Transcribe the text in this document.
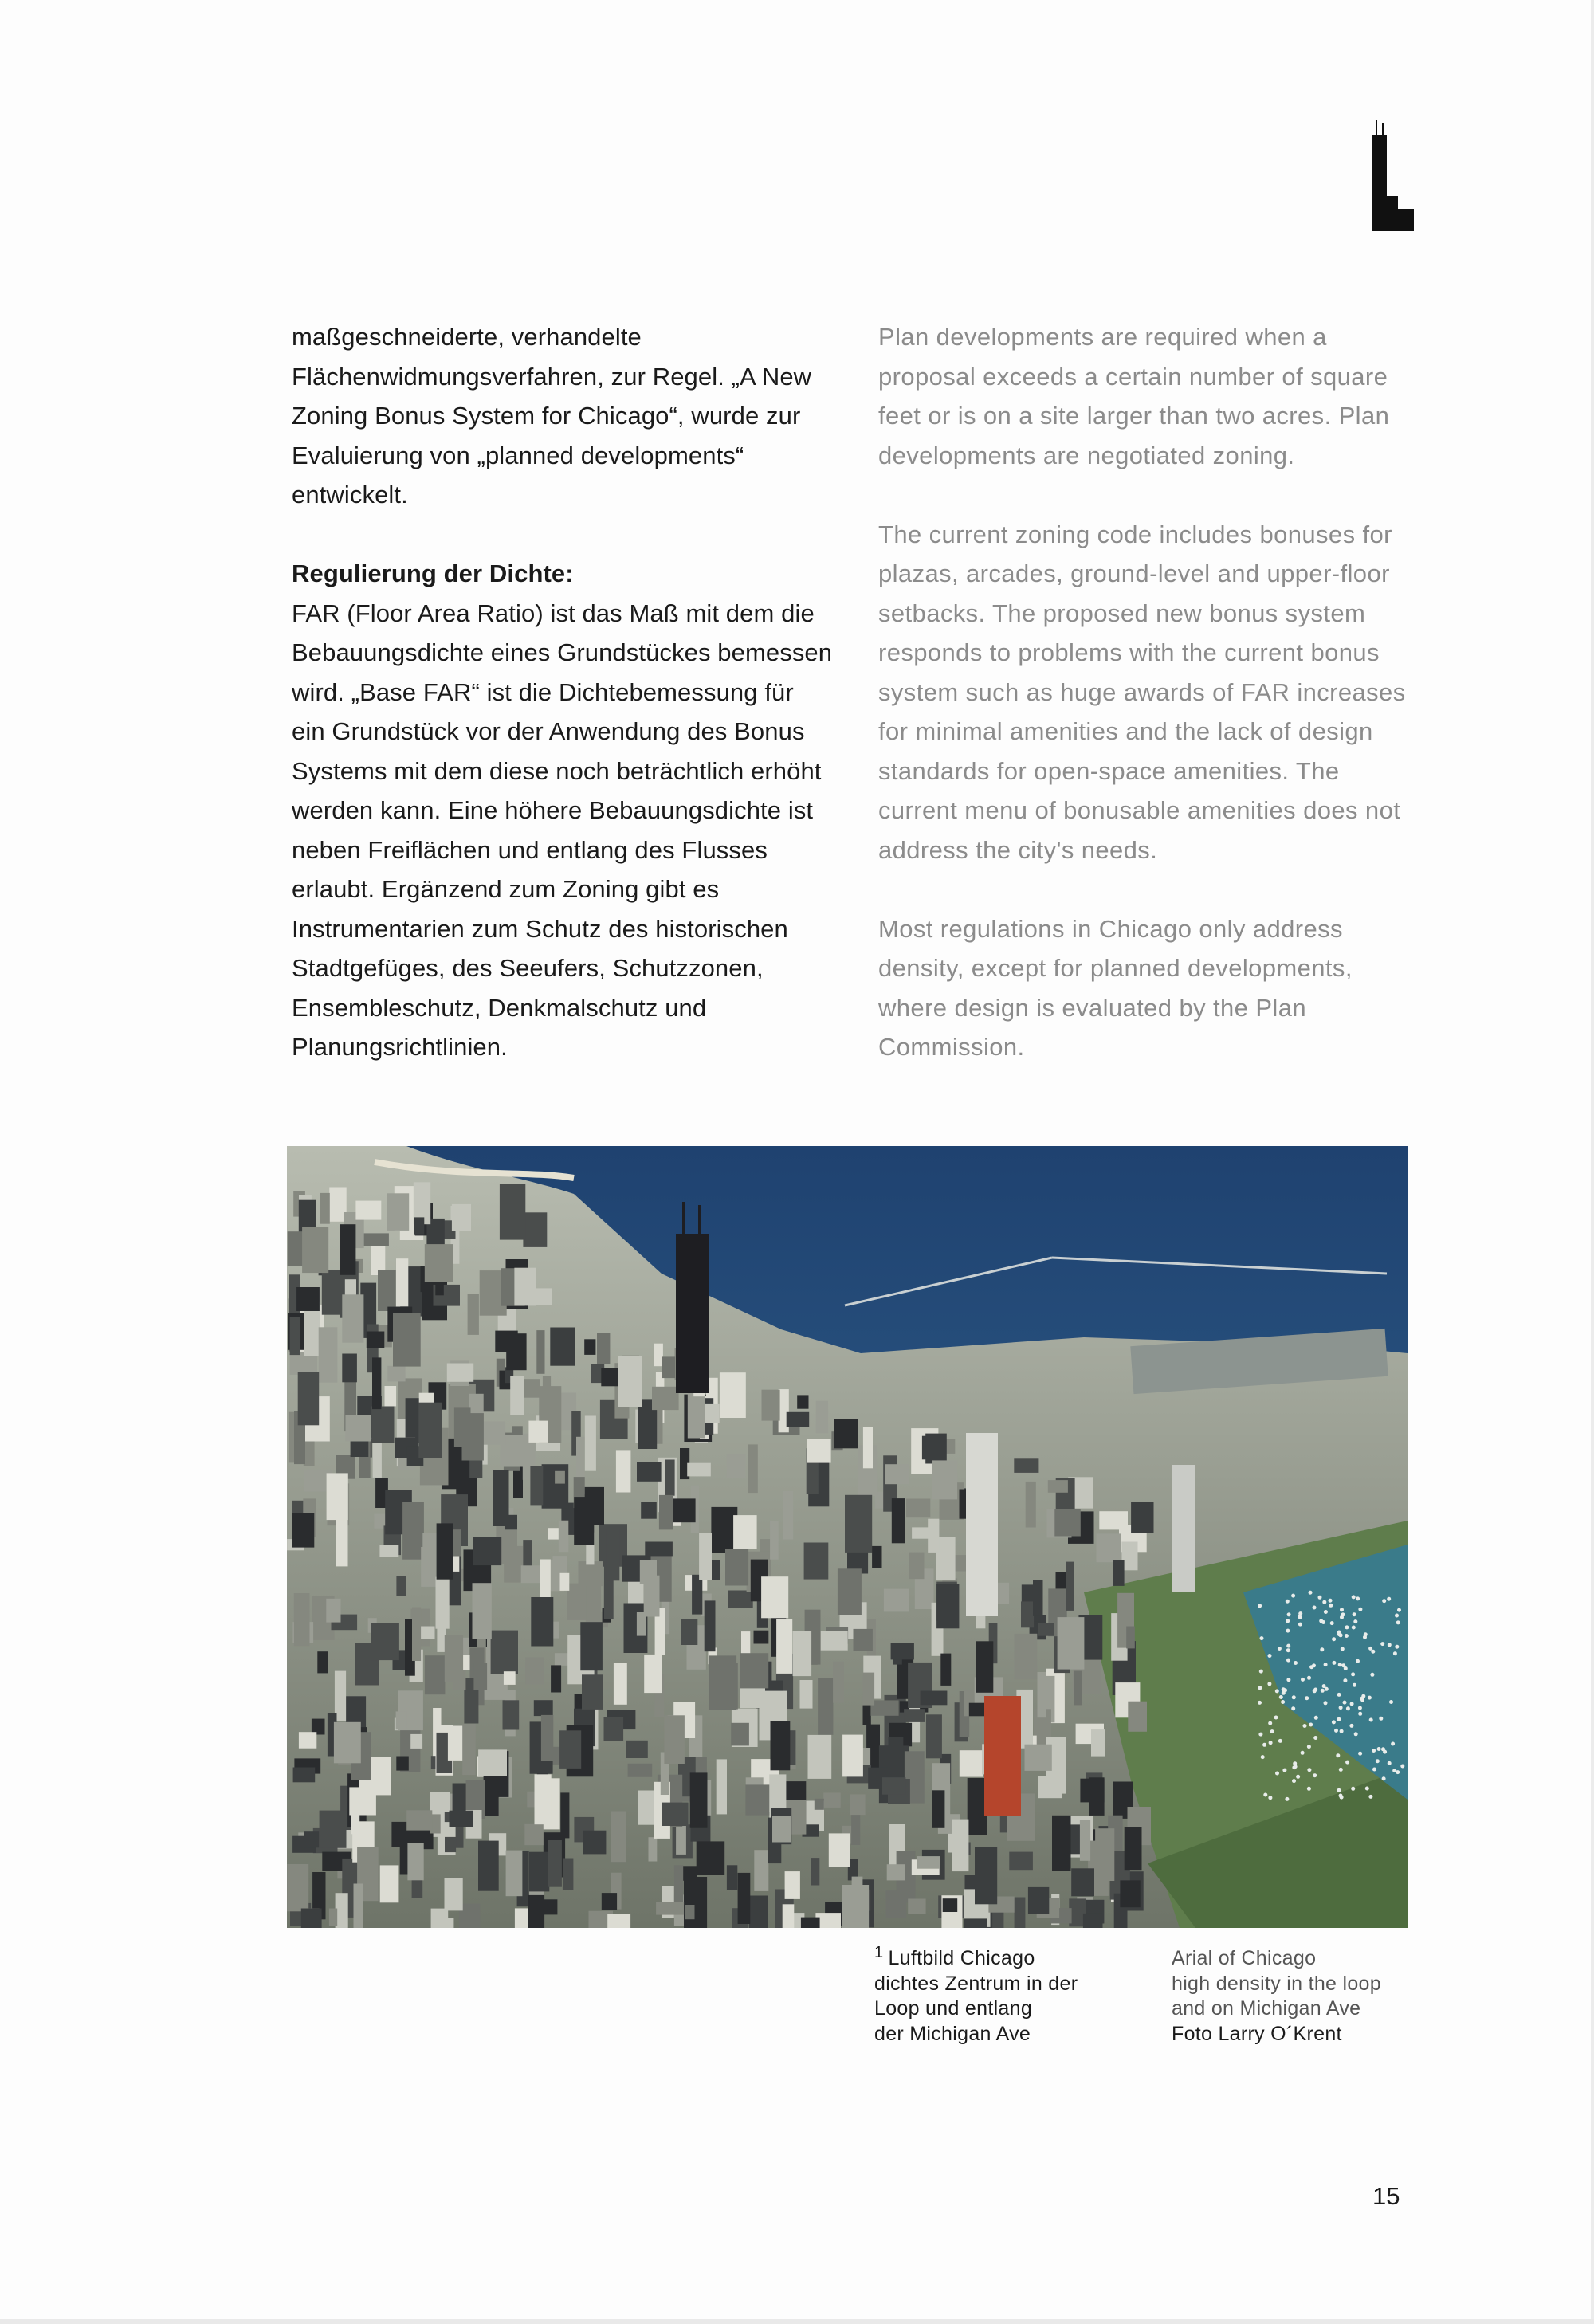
maßgeschneiderte, verhandelte Flächenwidmungsverfahren, zur Regel. „A New Zoning Bonus System for Chicago“, wurde zur Evaluierung von „planned developments“ entwickelt.

Regulierung der Dichte:

FAR (Floor Area Ratio) ist das Maß mit dem die Bebauungsdichte eines Grundstückes bemessen wird. „Base FAR“ ist die Dichtebemessung für ein Grundstück vor der Anwendung des Bonus Systems mit dem diese noch beträchtlich erhöht werden kann. Eine höhere Bebauungsdichte ist neben Freiflächen und entlang des Flusses erlaubt. Ergänzend zum Zoning gibt es Instrumentarien zum Schutz des historischen Stadtgefüges, des Seeufers, Schutzzonen, Ensembleschutz, Denkmalschutz und Planungsrichtlinien.

Plan developments are required when a proposal exceeds a certain number of square feet or is on a site larger than two acres. Plan developments are negotiated zoning.

The current zoning code includes bonuses for plazas, arcades, ground-level and upper-floor setbacks. The proposed new bonus system responds to problems with the current bonus system such as huge awards of FAR increases for minimal amenities and the lack of design standards for open-space amenities. The current menu of bonusable amenities does not address the city's needs.

Most regulations in Chicago only address density, except for planned developments, where design is evaluated by the Plan Commission.

$^1$ Luftbild Chicago
dichtes Zentrum in der
Loop und entlang
der Michigan Ave
Arial of Chicago
high density in the loop
and on Michigan Ave
Foto Larry O´Krent
15
